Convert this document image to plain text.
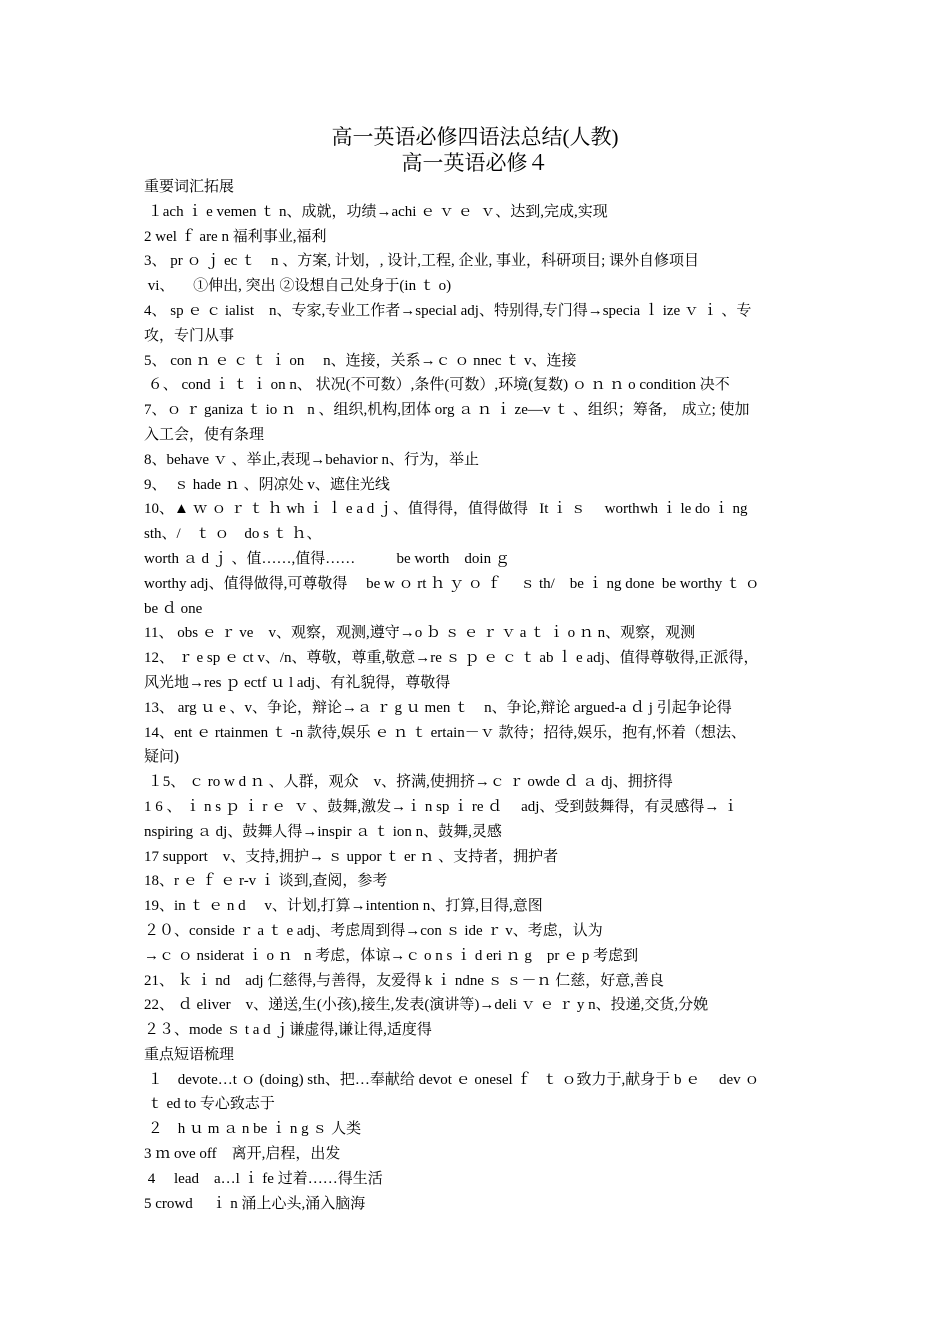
高一英语必修四语法总结(人教)
高一英语必修４
重要词汇拓展
１ach ｉ e vemen ｔ n、成就，功绩→achi ｅ ｖ ｅ  ｖ、达到,完成,实现
2 wel ｆ are n 福利事业,福利
3、 pr ｏ ｊ ec ｔ    n 、方案, 计划，, 设计,工程, 企业, 事业，科研项目; 课外自修项目
vi、     ①伸出, 突出 ②设想自己处身于(in ｔ o)
4、 sp ｅ ｃ ialist    n、专家,专业工作者→special adj、特别得,专门得→specia ｌ ize ｖ ｉ 、专
攻，专门从事
5、 con ｎ ｅ ｃ ｔ ｉ on     n、连接，关系→ｃ ｏ nnec ｔ v、连接
６、 cond ｉ ｔ ｉ on n、 状况(不可数）,条件(可数）,环境(复数) ｏ ｎ ｎ o condition 决不
7、ｏ ｒ ganiza ｔ io ｎ   n 、组织,机构,团体 org ａ ｎ ｉ ze—v ｔ 、组织；筹备,    成立; 使加
入工会，使有条理
8、behave ｖ 、举止,表现→behavior n、行为，举止
9、  ｓ hade ｎ 、阴凉处 v、遮住光线
10、▲ ｗ ｏ ｒ ｔ ｈ wh ｉ ｌ e a d ｊ、值得得，值得做得   It ｉ ｓ     worthwh ｉ le do ｉ ng
sth、/    ｔ ｏ    do s ｔ ｈ、
worth ａ d ｊ 、值……,值得……           be worth    doin ｇ
worthy adj、值得做得,可尊敬得     be w ｏ rt ｈ ｙ ｏ ｆ     ｓ th/    be ｉ ng done  be worthy ｔ ｏ
be ｄ one
11、 obs ｅ ｒ ve    v、观察，观测,遵守→o ｂ ｓ ｅ ｒ ｖ a ｔ ｉ o ｎ n、观察，观测
12、 ｒ e sp ｅ ct v、/n、尊敬，尊重,敬意→re ｓ ｐ ｅ ｃ ｔ ab ｌ e adj、值得尊敬得,正派得，
风光地→res ｐ ectf ｕ l adj、有礼貌得，尊敬得
13、 arg ｕ e 、v、争论，辩论→ａ ｒ g ｕ men ｔ    n、争论,辩论 argued-a ｄ j 引起争论得
14、ent ｅ rtainmen ｔ -n 款待,娱乐 ｅ ｎ ｔ ertain－ｖ 款待；招待,娱乐，抱有,怀着（想法、
疑问)
１5、 ｃ ro w d ｎ 、人群，观众    v、挤满,使拥挤→ｃ ｒ owde ｄ ａ dj、拥挤得
1 6 、 ｉ n s ｐ ｉ r ｅ  ｖ 、鼓舞,激发→ｉ n sp ｉ re ｄ     adj、受到鼓舞得，有灵感得→ ｉ
nspiring ａ dj、鼓舞人得→inspir ａ ｔ ion n、鼓舞,灵感
17 support    v、支持,拥护→ ｓ uppor ｔ er ｎ 、支持者，拥护者
18、r ｅ ｆ ｅ r-v ｉ 谈到,查阅，参考
19、in ｔ ｅ n d     v、计划,打算→intention n、打算,目得,意图
２０、conside ｒ a ｔ e adj、考虑周到得→con ｓ ide ｒ v、考虑，认为
→ｃ ｏ nsiderat ｉ o ｎ   n 考虑，体谅→ｃ o n s ｉ d eri ｎ g    pr ｅ p 考虑到
21、 ｋ ｉ nd    adj 仁慈得,与善得，友爱得 k ｉ ndne ｓ ｓ－ｎ 仁慈，好意,善良
22、 ｄ eliver    v、递送,生(小孩),接生,发表(演讲等)→deli ｖ ｅ ｒ y n、投递,交货,分娩
２３、mode ｓ t a d ｊ谦虚得,谦让得,适度得
重点短语梳理
１    devote…t ｏ (doing) sth、把…奉献给 devot ｅ onesel ｆ   ｔ ｏ致力于,献身于 b ｅ     dev ｏ
ｔ ed to 专心致志于
２    h ｕ m ａ n be ｉ n g ｓ 人类
3 ｍ ove off    离开,启程，出发
4     lead    a…l ｉ fe 过着……得生活
5 crowd     ｉ n 涌上心头,涌入脑海
